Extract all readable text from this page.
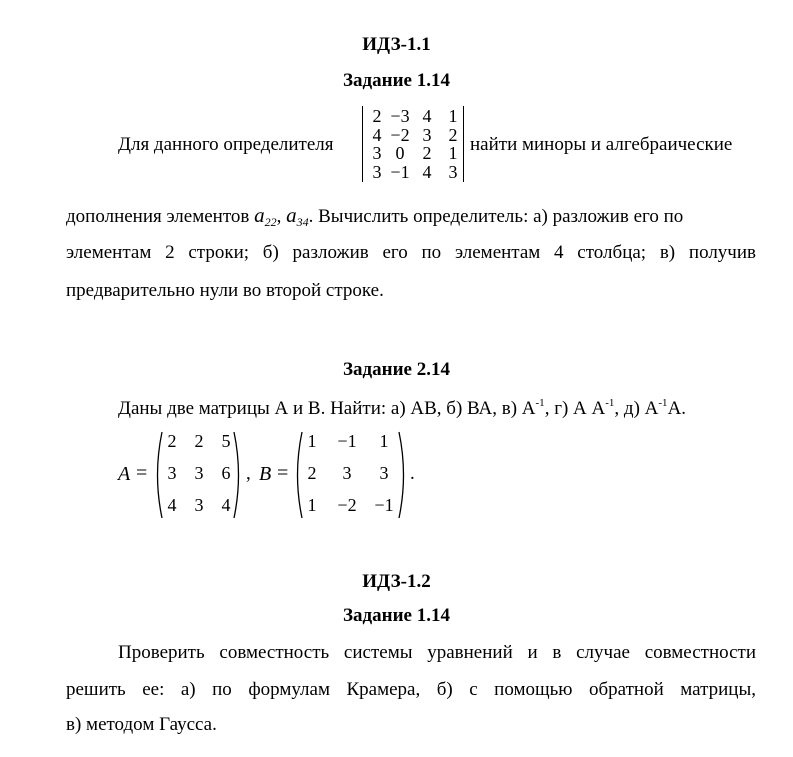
ИДЗ-1.1
Задание 1.14
Для данного определителя
2 −3 4 1
4 −2 3 2
3 0	2 1
3 −1 4 3
найти миноры и алгебраические
дополнения элементов $a_{22}$, $a_{34}$. Вычислить определитель: а) разложив его по
элементам 2 строки; б) разложив его по элементам 4 столбца; в) получив
предварительно нули во второй строке.
Задание 2.14
Даны две матрицы А и В. Найти: а) АВ, б) ВА, в) $А^{-1}$, г) А $А^{-1}$, д) $А^{-1}А$.
A =
2	2	5
3	3	6
4	3	4
, B =
1	−1	1
2	3	3
1	−2 −1
.
ИДЗ-1.2
Задание 1.14
Проверить совместность системы уравнений и в случае совместности
решить ее: а) по формулам Крамера, б) с помощью обратной матрицы,
в) методом Гаусса.
